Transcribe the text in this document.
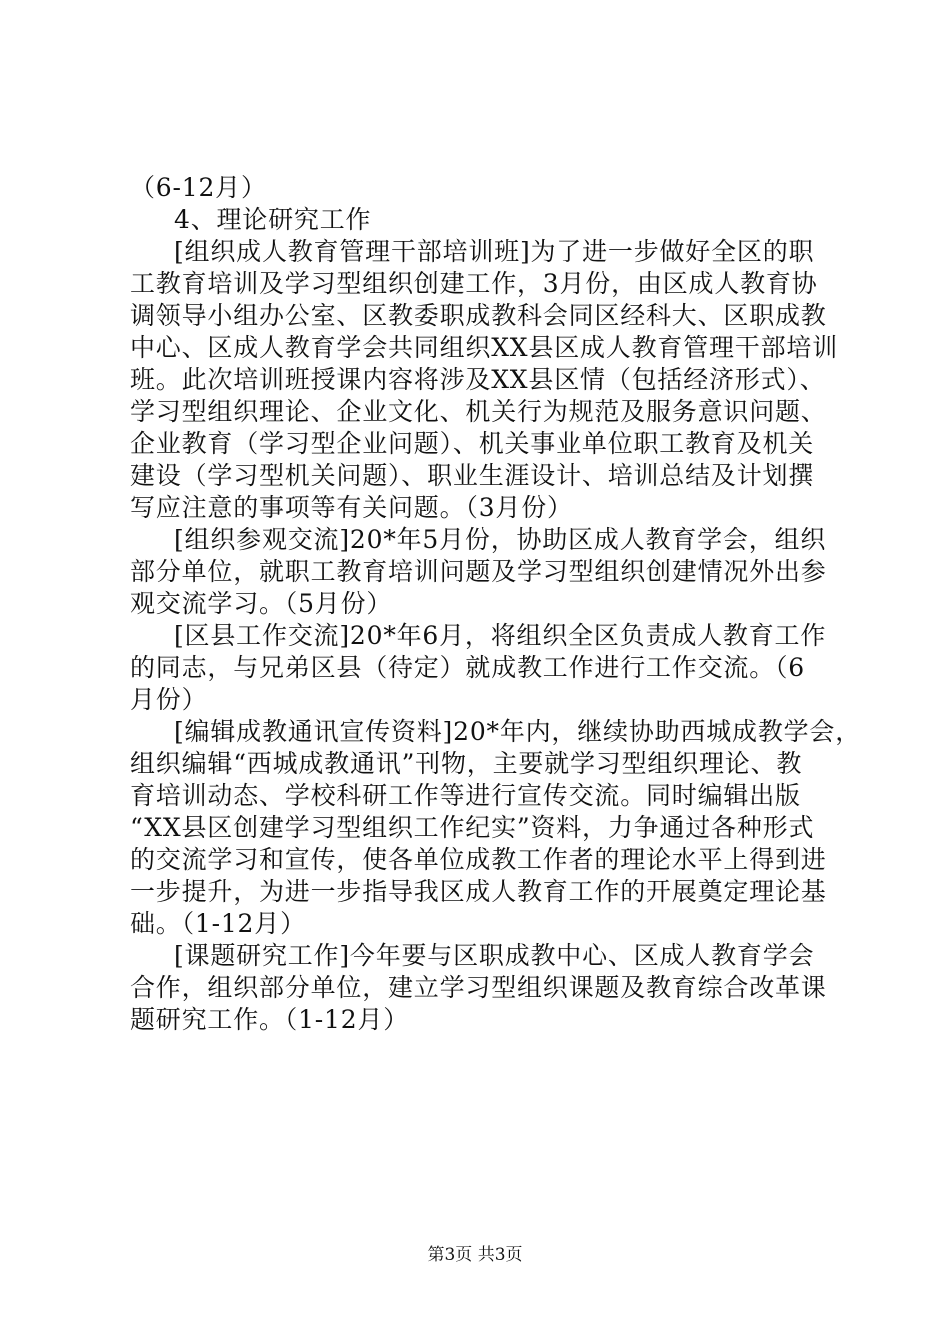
（6-12月）
4、理论研究工作
[组织成人教育管理干部培训班]为了进一步做好全区的职
工教育培训及学习型组织创建工作，3月份，由区成人教育协
调领导小组办公室、区教委职成教科会同区经科大、区职成教
中心、区成人教育学会共同组织XX县区成人教育管理干部培训
班。此次培训班授课内容将涉及XX县区情（包括经济形式）、
学习型组织理论、企业文化、机关行为规范及服务意识问题、
企业教育（学习型企业问题）、机关事业单位职工教育及机关
建设（学习型机关问题）、职业生涯设计、培训总结及计划撰
写应注意的事项等有关问题。（3月份）
[组织参观交流]20*年5月份，协助区成人教育学会，组织
部分单位，就职工教育培训问题及学习型组织创建情况外出参
观交流学习。（5月份）
[区县工作交流]20*年6月，将组织全区负责成人教育工作
的同志，与兄弟区县（待定）就成教工作进行工作交流。（6
月份）
[编辑成教通讯宣传资料]20*年内，继续协助西城成教学会，
组织编辑“西城成教通讯”刊物，主要就学习型组织理论、教
育培训动态、学校科研工作等进行宣传交流。同时编辑出版
“XX县区创建学习型组织工作纪实”资料，力争通过各种形式
的交流学习和宣传，使各单位成教工作者的理论水平上得到进
一步提升，为进一步指导我区成人教育工作的开展奠定理论基
础。（1-12月）
[课题研究工作]今年要与区职成教中心、区成人教育学会
合作，组织部分单位，建立学习型组织课题及教育综合改革课
题研究工作。（1-12月）
第3页 共3页
